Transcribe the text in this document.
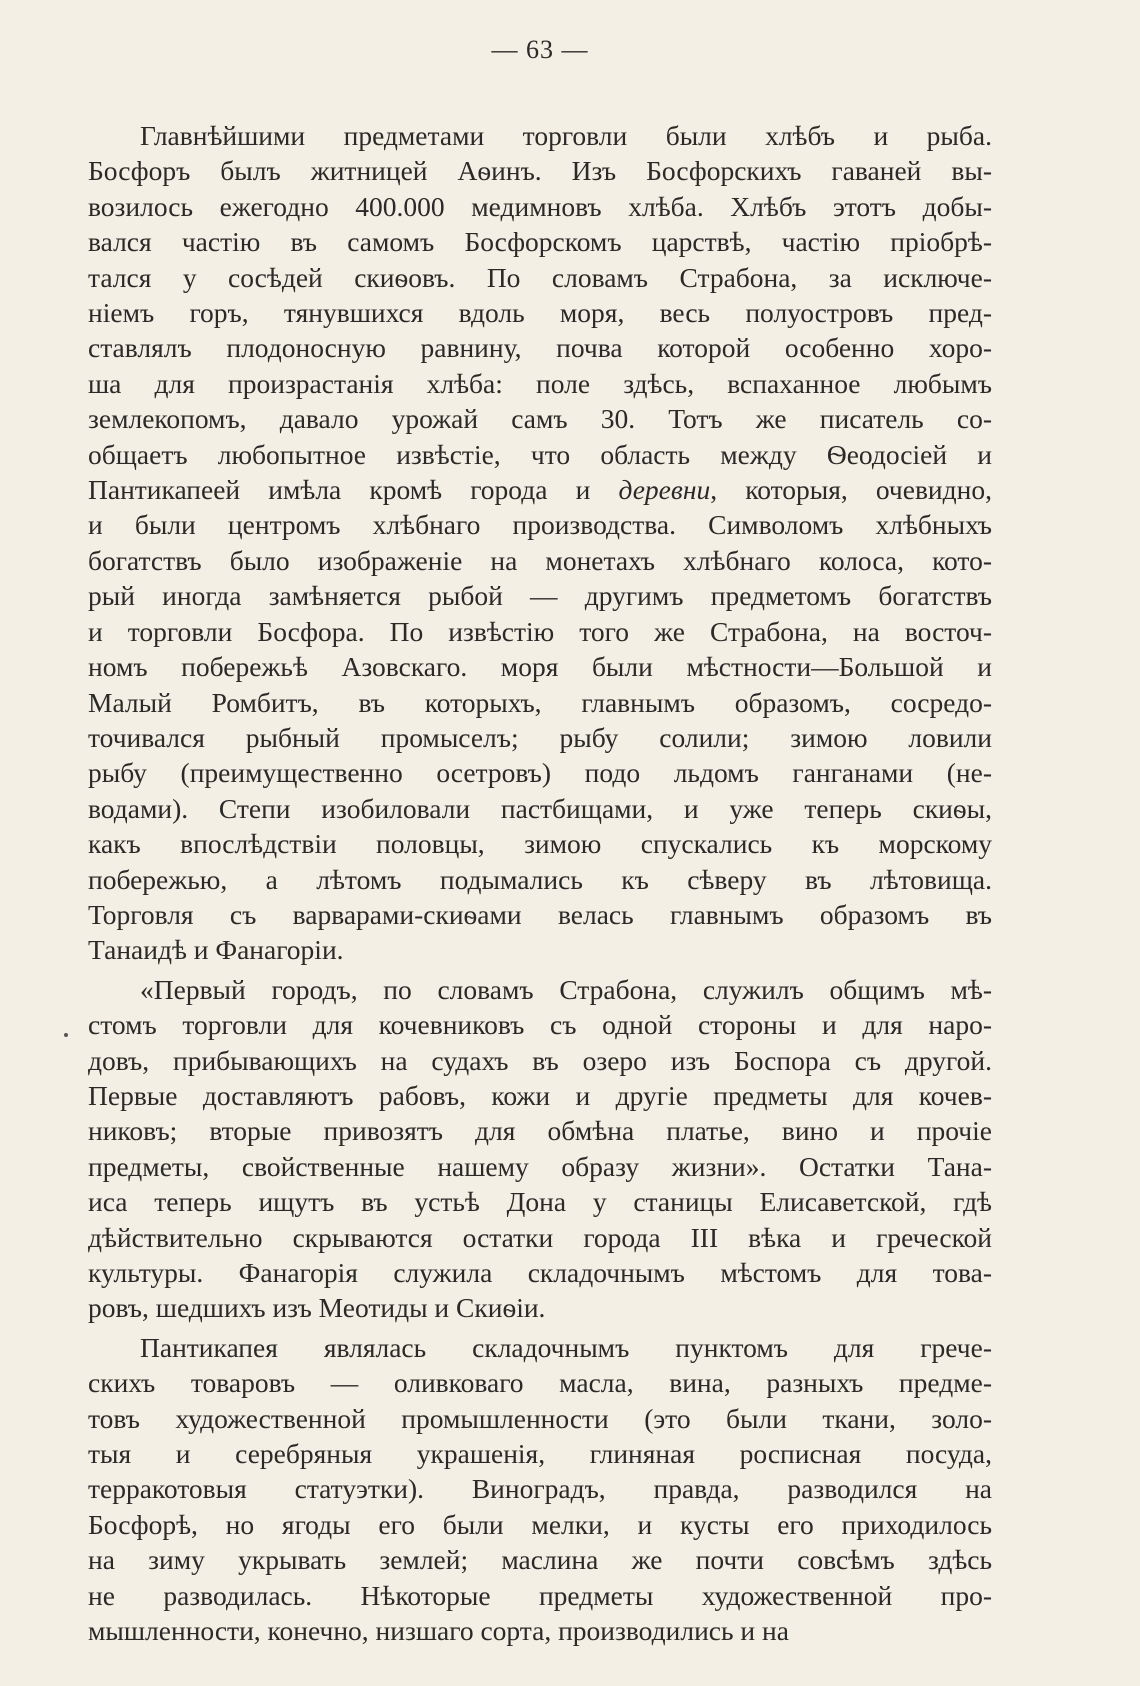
— 63 —
Главнѣйшими предметами торговли были хлѣбъ и рыба.
Босфоръ былъ житницей Аѳинъ. Изъ Босфорскихъ гаваней вы-
возилось ежегодно 400.000 медимновъ хлѣба. Хлѣбъ этотъ добы-
вался частію въ самомъ Босфорскомъ царствѣ, частію пріобрѣ-
тался у сосѣдей скиѳовъ. По словамъ Страбона, за исключе-
ніемъ горъ, тянувшихся вдоль моря, весь полуостровъ пред-
ставлялъ плодоносную равнину, почва которой особенно хоро-
ша для произрастанія хлѣба: поле здѣсь, вспаханное любымъ
землекопомъ, давало урожай самъ 30. Тотъ же писатель со-
общаетъ любопытное извѣстіе, что область между Ѳеодосіей и
Пантикапеей имѣла кромѣ города и деревни, которыя, очевидно,
и были центромъ хлѣбнаго производства. Символомъ хлѣбныхъ
богатствъ было изображеніе на монетахъ хлѣбнаго колоса, кото-
рый иногда замѣняется рыбой — другимъ предметомъ богатствъ
и торговли Босфора. По извѣстію того же Страбона, на восточ-
номъ побережьѣ Азовскаго. моря были мѣстности—Большой и
Малый Ромбитъ, въ которыхъ, главнымъ образомъ, сосредо-
точивался рыбный промыселъ; рыбу солили; зимою ловили
рыбу (преимущественно осетровъ) подо льдомъ ганганами (не-
водами). Степи изобиловали пастбищами, и уже теперь скиѳы,
какъ впослѣдствіи половцы, зимою спускались къ морскому
побережью, а лѣтомъ подымались къ сѣверу въ лѣтовища.
Торговля съ варварами-скиѳами велась главнымъ образомъ въ
Танаидѣ и Фанагоріи.
«Первый городъ, по словамъ Страбона, служилъ общимъ мѣ-
стомъ торговли для кочевниковъ съ одной стороны и для наро-
довъ, прибывающихъ на судахъ въ озеро изъ Боспора съ другой.
Первые доставляютъ рабовъ, кожи и другіе предметы для кочев-
никовъ; вторые привозятъ для обмѣна платье, вино и прочіе
предметы, свойственные нашему образу жизни». Остатки Тана-
иса теперь ищутъ въ устьѣ Дона у станицы Елисаветской, гдѣ
дѣйствительно скрываются остатки города III вѣка и греческой
культуры. Фанагорія служила складочнымъ мѣстомъ для това-
ровъ, шедшихъ изъ Меотиды и Скиѳіи.
Пантикапея являлась складочнымъ пунктомъ для грече-
скихъ товаровъ — оливковаго масла, вина, разныхъ предме-
товъ художественной промышленности (это были ткани, золо-
тыя и серебряныя украшенія, глиняная росписная посуда,
терракотовыя статуэтки). Виноградъ, правда, разводился на
Босфорѣ, но ягоды его были мелки, и кусты его приходилось
на зиму укрывать землей; маслина же почти совсѣмъ здѣсь
не разводилась. Нѣкоторые предметы художественной про-
мышленности, конечно, низшаго сорта, производились и на
